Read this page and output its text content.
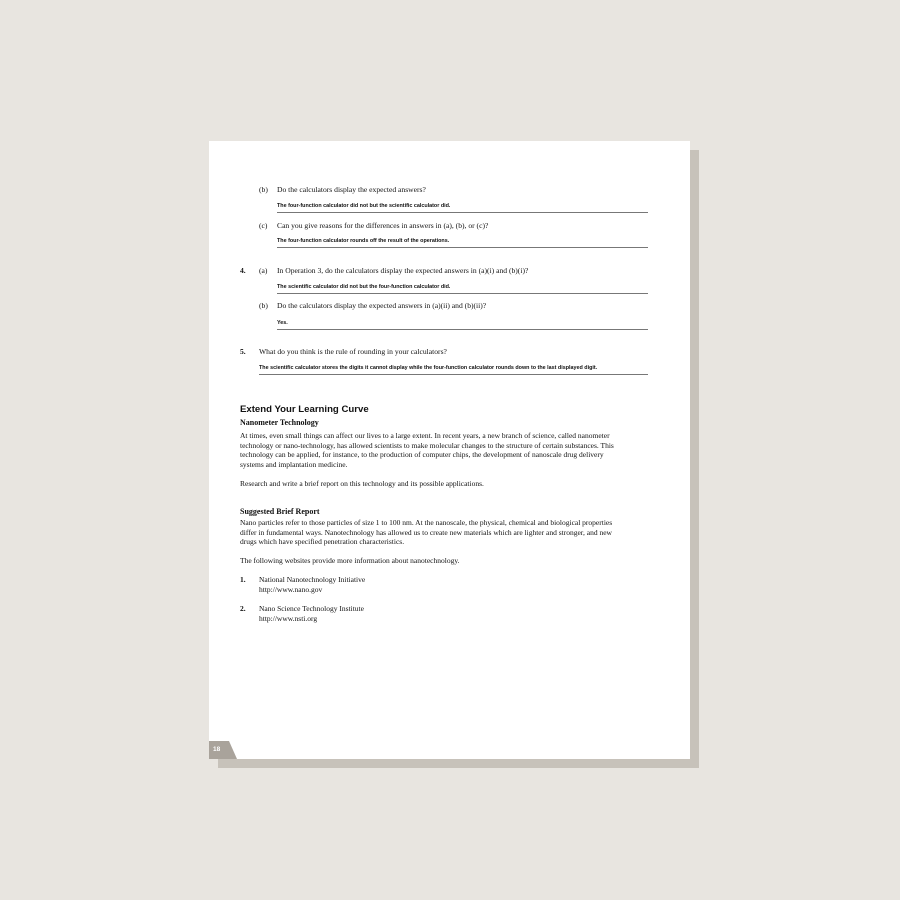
(b) Do the calculators display the expected answers?
The four-function calculator did not but the scientific calculator did.
(c) Can you give reasons for the differences in answers in (a), (b), or (c)?
The four-function calculator rounds off the result of the operations.
4. (a) In Operation 3, do the calculators display the expected answers in (a)(i) and (b)(i)?
The scientific calculator did not but the four-function calculator did.
(b) Do the calculators display the expected answers in (a)(ii) and (b)(ii)?
Yes.
5. What do you think is the rule of rounding in your calculators?
The scientific calculator stores the digits it cannot display while the four-function calculator rounds down to the last displayed digit.
Extend Your Learning Curve
Nanometer Technology
At times, even small things can affect our lives to a large extent. In recent years, a new branch of science, called nanometer
technology or nano-technology, has allowed scientists to make molecular changes to the structure of certain substances. This
technology can be applied, for instance, to the production of computer chips, the development of nanoscale drug delivery
systems and implantation medicine.
Research and write a brief report on this technology and its possible applications.
Suggested Brief Report
Nano particles refer to those particles of size 1 to 100 nm. At the nanoscale, the physical, chemical and biological properties
differ in fundamental ways. Nanotechnology has allowed us to create new materials which are lighter and stronger, and new
drugs which have specified penetration characteristics.
The following websites provide more information about nanotechnology.
1. National Nanotechnology Initiative
http://www.nano.gov
2. Nano Science Technology Institute
http://www.nsti.org
18
